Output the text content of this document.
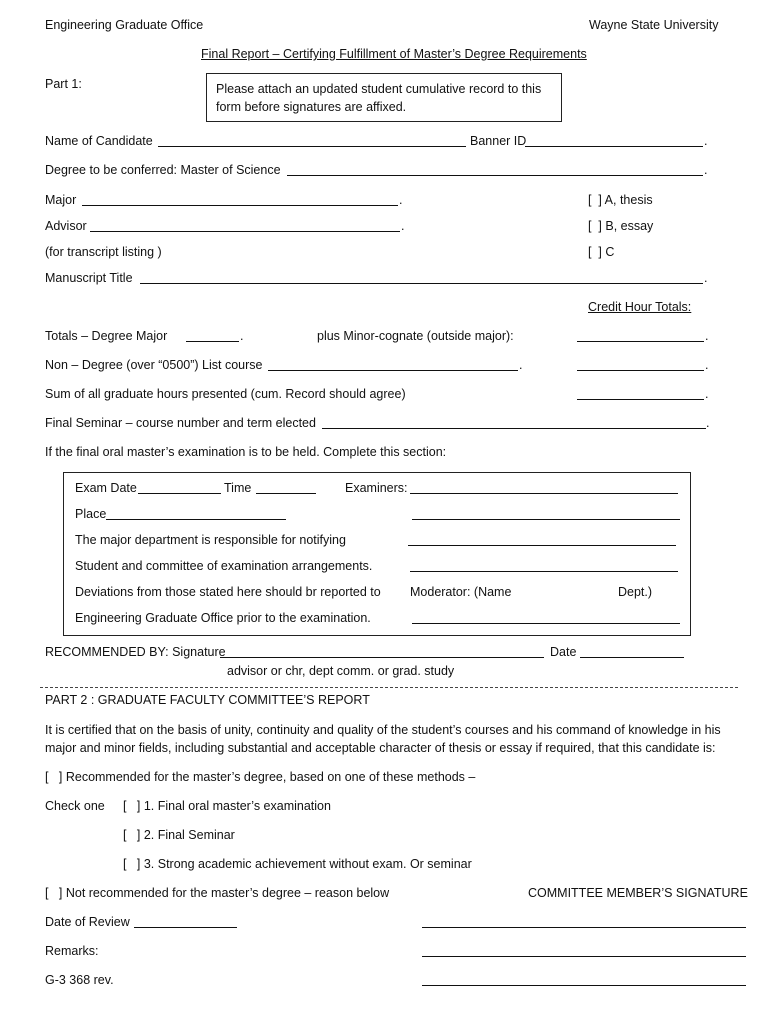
Engineering Graduate Office	Wayne State University
Final Report – Certifying Fulfillment of Master’s Degree Requirements
Part 1:	Please attach an updated student cumulative record to this
form before signatures are affixed.
Name of Candidate	Banner ID	.
Degree to be conferred: Master of Science	.
Major	.	[  ] A, thesis
Advisor	.	[  ] B, essay
(for transcript listing )	[  ] C
Manuscript Title	.
Credit Hour Totals:
Totals – Degree Major	.	plus Minor-cognate (outside major):	.
Non – Degree (over “0500”) List course	.	.
Sum of all graduate hours presented (cum. Record should agree)	.
Final Seminar – course number and term elected	.
If the final oral master’s examination is to be held. Complete this section:
Exam Date	Time	Examiners:
Place
The major department is responsible for notifying
Student and committee of examination arrangements.
Deviations from those stated here should br reported to Moderator: (Name	Dept.)
Engineering Graduate Office prior to the examination.
RECOMMENDED BY: Signature	Date
advisor or chr, dept comm. or grad. study
PART 2 : GRADUATE FACULTY COMMITTEE’S REPORT
It is certified that on the basis of unity, continuity and quality of the student’s courses and his command of knowledge in his
major and minor fields, including substantial and acceptable character of thesis or essay if required, that this candidate is:
[   ] Recommended for the master’s degree, based on one of these methods –
Check one [   ] 1. Final oral master’s examination
[   ] 2. Final Seminar
[   ] 3. Strong academic achievement without exam. Or seminar
[   ] Not recommended for the master’s degree – reason below	COMMITTEE MEMBER’S SIGNATURE
Date of Review
Remarks:
G-3 368 rev.
